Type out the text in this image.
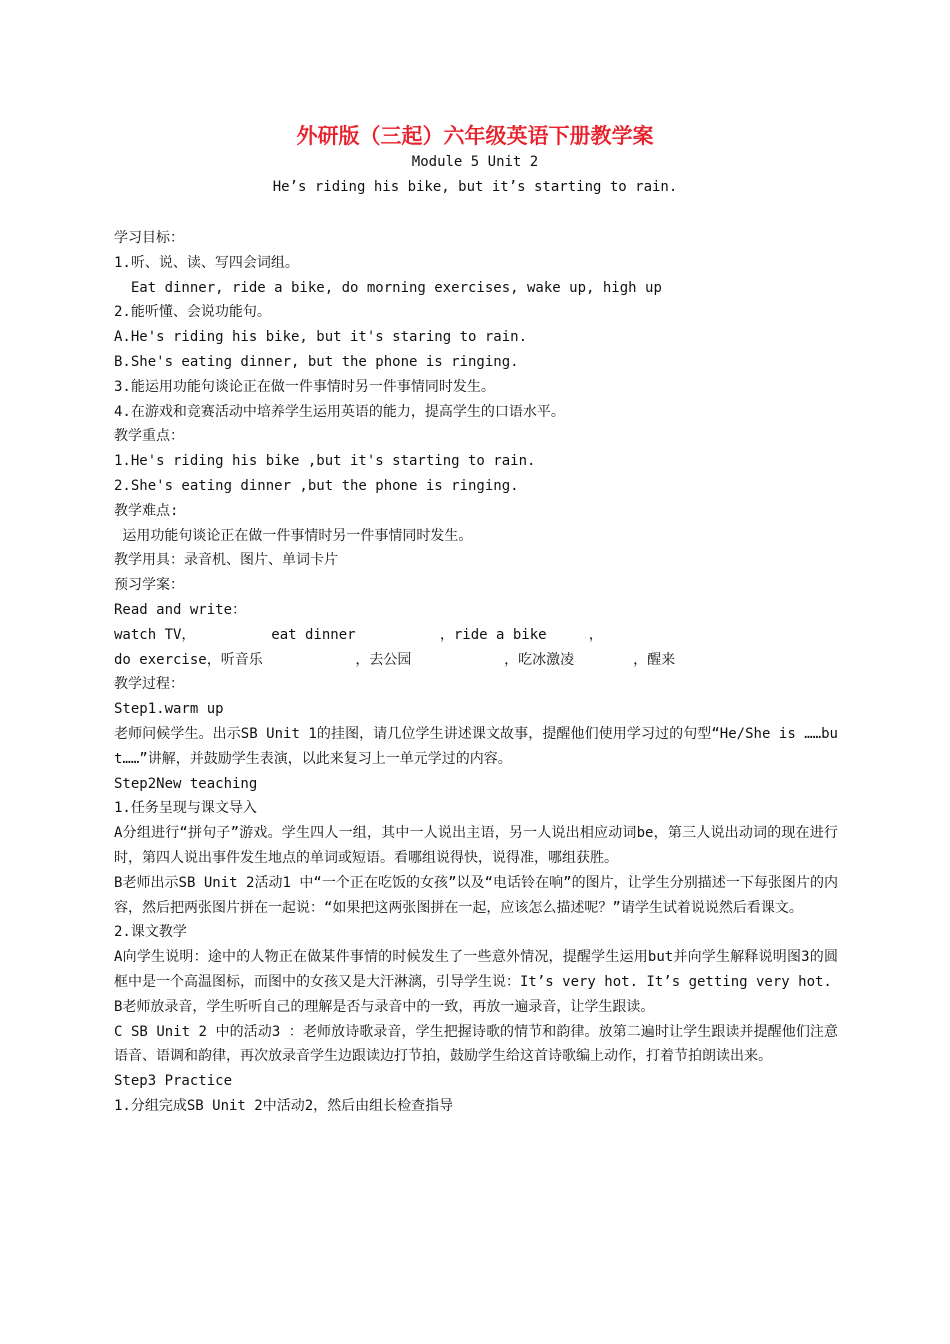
外研版（三起）六年级英语下册教学案
Module 5 Unit 2
He’s riding his bike, but it’s starting to rain.
学习目标：
1.听、说、读、写四会词组。
Eat dinner, ride a bike, do morning exercises, wake up, high up
2.能听懂、会说功能句。
A.He's riding his bike, but it's staring to rain.
B.She's eating dinner, but the phone is ringing.
3.能运用功能句谈论正在做一件事情时另一件事情同时发生。
4.在游戏和竞赛活动中培养学生运用英语的能力，提高学生的口语水平。
教学重点：
1.He's riding his bike ,but it's starting to rain.
2.She's eating dinner ,but the phone is ringing.
教学难点:
运用功能句谈论正在做一件事情时另一件事情同时发生。
教学用具：录音机、图片、单词卡片
预习学案：
Read and write：
watch TV，         eat dinner          ，ride a bike     ，
do exercise，听音乐           ，去公园           ，吃冰激凌       ，醒来
教学过程：
Step1.warm up
老师问候学生。出示SB Unit 1的挂图，请几位学生讲述课文故事，提醒他们使用学习过的句型“He/She is ……but……”讲解，并鼓励学生表演，以此来复习上一单元学过的内容。
Step2New teaching
1.任务呈现与课文导入
A分组进行“拼句子”游戏。学生四人一组，其中一人说出主语，另一人说出相应动词be，第三人说出动词的现在进行时，第四人说出事件发生地点的单词或短语。看哪组说得快，说得准，哪组获胜。
B老师出示SB Unit 2活动1 中“一个正在吃饭的女孩”以及“电话铃在响”的图片，让学生分别描述一下每张图片的内容，然后把两张图片拼在一起说：“如果把这两张图拼在一起，应该怎么描述呢？”请学生试着说说然后看课文。
2.课文教学
A向学生说明：途中的人物正在做某件事情的时候发生了一些意外情况，提醒学生运用but并向学生解释说明图3的圆框中是一个高温图标，而图中的女孩又是大汗淋漓，引导学生说：It’s very hot. It’s getting very hot.
B老师放录音，学生听听自己的理解是否与录音中的一致，再放一遍录音，让学生跟读。
C SB Unit 2 中的活动3 ：老师放诗歌录音，学生把握诗歌的情节和韵律。放第二遍时让学生跟读并提醒他们注意语音、语调和韵律，再次放录音学生边跟读边打节拍，鼓励学生给这首诗歌编上动作，打着节拍朗读出来。
Step3 Practice
1.分组完成SB Unit 2中活动2，然后由组长检查指导
